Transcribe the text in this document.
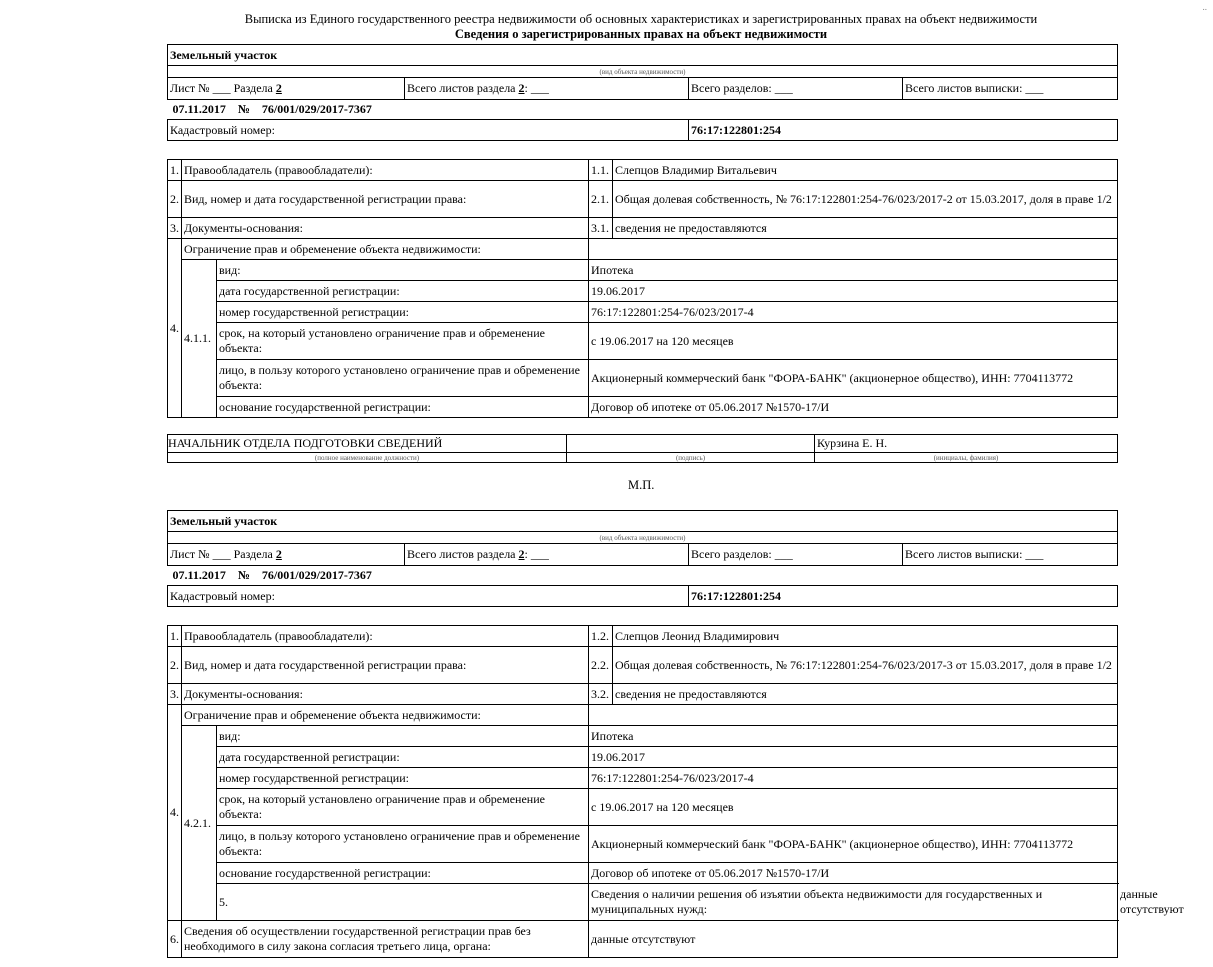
..
Выписка из Единого государственного реестра недвижимости об основных характеристиках и зарегистрированных правах на объект недвижимости
Сведения о зарегистрированных правах на объект недвижимости
Земельный участок			
(вид объекта недвижимости)			
Лист № ___ Раздела 2	Всего листов раздела 2: ___	Всего разделов: ___	Всего листов выписки: ___
07.11.2017 № 76/001/029/2017-7367			
Кадастровый номер:		76:17:122801:254	
1.	Правообладатель (правообладатели):		1.1.	Слепцов Владимир Витальевич
2.	Вид, номер и дата государственной регистрации права:		2.1.	Общая долевая собственность, № 76:17:122801:254-76/023/2017-2 от 15.03.2017, доля в праве 1/2
3.	Документы-основания:		3.1.	сведения не предоставляются
4.	Ограничение прав и обременение объекта недвижимости:			
	4.1.1.	вид:	Ипотека	
		дата государственной регистрации:	19.06.2017	
		номер государственной регистрации:	76:17:122801:254-76/023/2017-4	
		срок, на который установлено ограничение прав и обременение объекта:	с 19.06.2017 на 120 месяцев	
		лицо, в пользу которого установлено ограничение прав и обременение объекта:	Акционерный коммерческий банк "ФОРА-БАНК" (акционерное общество), ИНН: 7704113772	
		основание государственной регистрации:	Договор об ипотеке от 05.06.2017 №1570-17/И	
НАЧАЛЬНИК ОТДЕЛА ПОДГОТОВКИ СВЕДЕНИЙ		Курзина Е. Н.
(полное наименование должности)	(подпись)	(инициалы, фамилия)
М.П.
Земельный участок			
(вид объекта недвижимости)			
Лист № ___ Раздела 2	Всего листов раздела 2: ___	Всего разделов: ___	Всего листов выписки: ___
07.11.2017 № 76/001/029/2017-7367			
Кадастровый номер:		76:17:122801:254	
1.	Правообладатель (правообладатели):		1.2.	Слепцов Леонид Владимирович	
2.	Вид, номер и дата государственной регистрации права:		2.2.	Общая долевая собственность, № 76:17:122801:254-76/023/2017-3 от 15.03.2017, доля в праве 1/2	
3.	Документы-основания:		3.2.	сведения не предоставляются	
4.	Ограничение прав и обременение объекта недвижимости:				
	4.2.1.	вид:	Ипотека		
		дата государственной регистрации:	19.06.2017		
		номер государственной регистрации:	76:17:122801:254-76/023/2017-4		
		срок, на который установлено ограничение прав и обременение объекта:	с 19.06.2017 на 120 месяцев		
		лицо, в пользу которого установлено ограничение прав и обременение объекта:	Акционерный коммерческий банк "ФОРА-БАНК" (акционерное общество), ИНН: 7704113772		
		основание государственной регистрации:	Договор об ипотеке от 05.06.2017 №1570-17/И		
		5.	Сведения о наличии решения об изъятии объекта недвижимости для государственных и муниципальных нужд:		данные отсутствуют
6.	Сведения об осуществлении государственной регистрации прав без необходимого в силу закона согласия третьего лица, органа:		данные отсутствуют		
